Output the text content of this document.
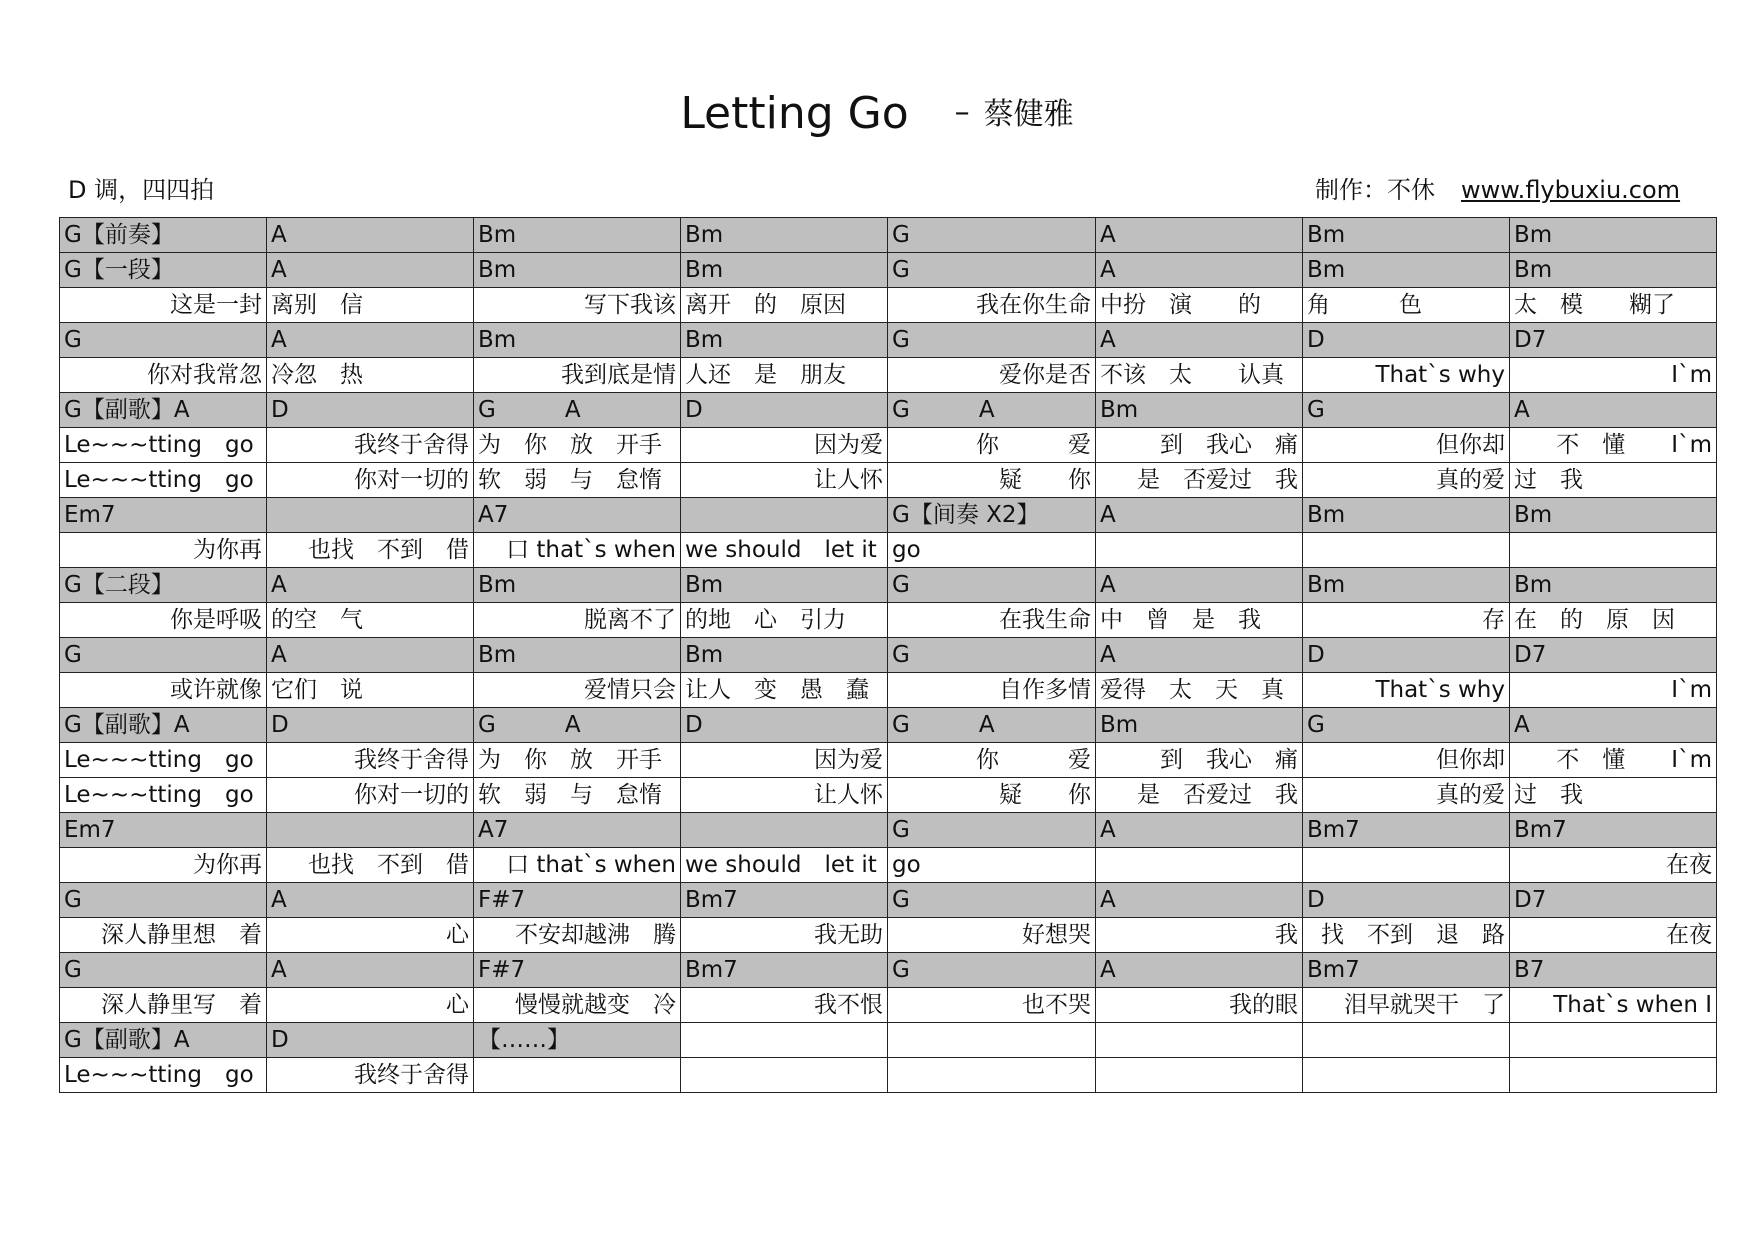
Letting Go – 蔡健雅
D 调，四四拍	制作：不休 www.flybuxiu.com
G【前奏】	A	Bm	Bm	G	A	Bm	Bm
G【一段】	A	Bm	Bm	G	A	Bm	Bm
这是一封	离别　信	写下我该	离开　的　原因	我在你生命	中扮　演　　的	角　　　色	太　模　　糊了
G	A	Bm	Bm	G	A	D	D7
你对我常忽	冷忽　热	我到底是情	人还　是　朋友	爱你是否	不该　太　　认真	That`s why	I`m
G【副歌】A	D	G　　　A	D	G　　　A	Bm	G	A
Le~~~tting　go	我终于舍得	为　你　放　开手	因为爱	你　　　爱	到　我心　痛	但你却	不　懂　　I`m
Le~~~tting　go	你对一切的	软　弱　与　怠惰	让人怀	疑　　你	是　否爱过　我	真的爱	过　我
Em7		A7		G【间奏 X2】	A	Bm	Bm
为你再	也找　不到　借	口 that`s when	we should　let it	go			
G【二段】	A	Bm	Bm	G	A	Bm	Bm
你是呼吸	的空　气	脱离不了	的地　心　引力	在我生命	中　曾　是　我	存	在　的　原　因
G	A	Bm	Bm	G	A	D	D7
或许就像	它们　说	爱情只会	让人　变　愚　蠢	自作多情	爱得　太　天　真	That`s why	I`m
G【副歌】A	D	G　　　A	D	G　　　A	Bm	G	A
Le~~~tting　go	我终于舍得	为　你　放　开手	因为爱	你　　　爱	到　我心　痛	但你却	不　懂　　I`m
Le~~~tting　go	你对一切的	软　弱　与　怠惰	让人怀	疑　　你	是　否爱过　我	真的爱	过　我
Em7		A7		G	A	Bm7	Bm7
为你再	也找　不到　借	口 that`s when	we should　let it	go			在夜
G	A	F#7	Bm7	G	A	D	D7
深人静里想　着	心	不安却越沸　腾	我无助	好想哭	我	找　不到　退　路	在夜
G	A	F#7	Bm7	G	A	Bm7	B7
深人静里写　着	心	慢慢就越变　冷	我不恨	也不哭	我的眼	泪早就哭干　了	That`s when I
G【副歌】A	D	【……】					
Le~~~tting　go	我终于舍得						
